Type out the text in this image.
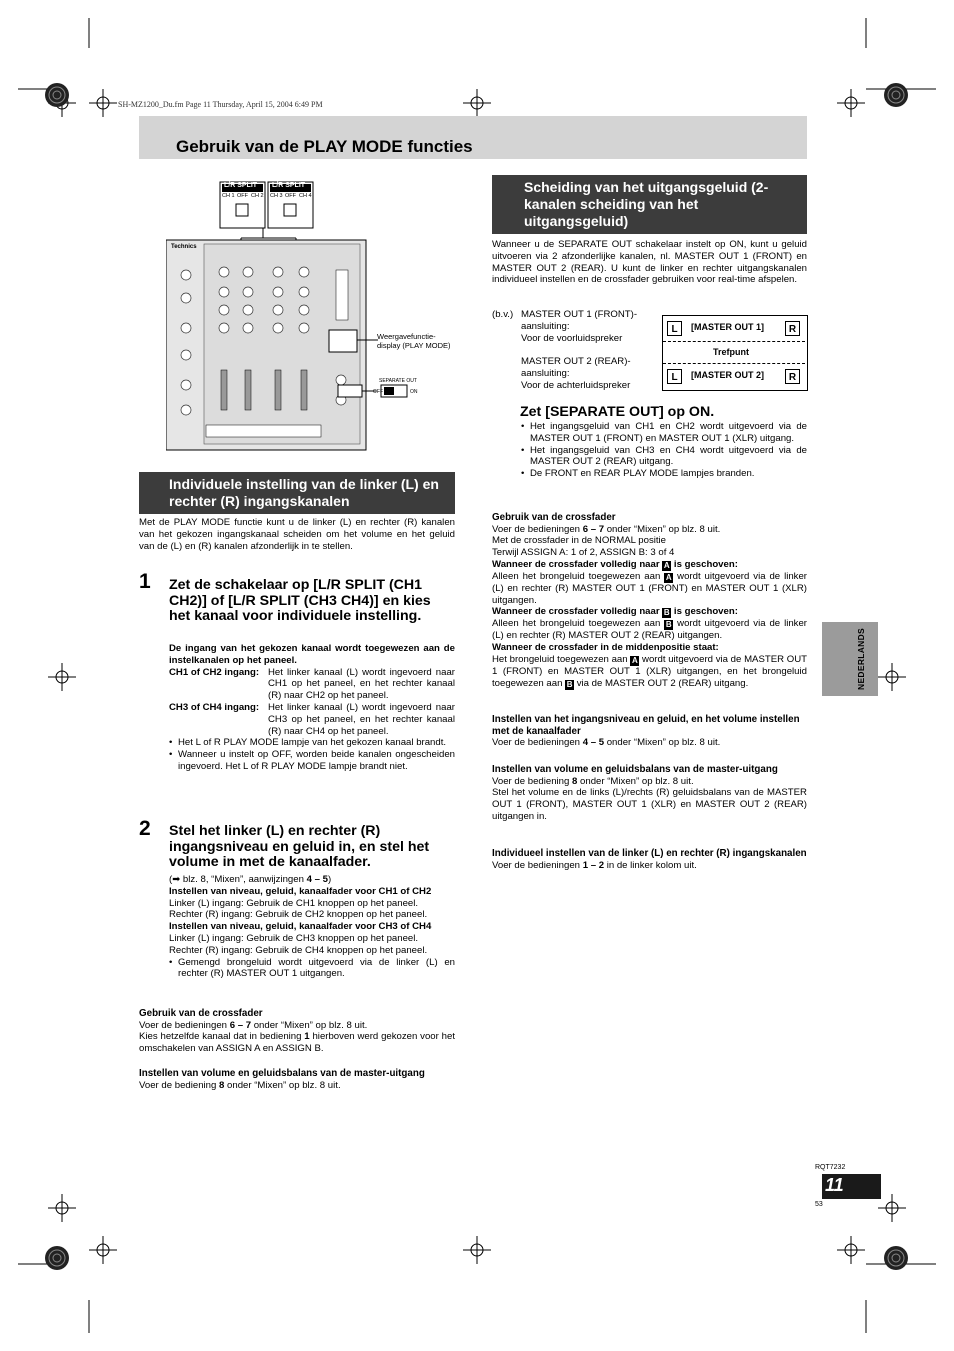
SH-MZ1200_Du.fm Page 11 Thursday, April 15, 2004 6:49 PM
Gebruik van de PLAY MODE functies
L/R SPLIT L/R SPLIT
CH 1 OFF CH 2 CH 3 OFF CH 4
Technics
Weergavefunctie-display (PLAY MODE)
SEPARATE OUT
OFF	ON
Individuele instelling van de linker (L) en rechter (R) ingangskanalen
Met de PLAY MODE functie kunt u de linker (L) en rechter (R) kanalen van het gekozen ingangskanaal scheiden om het volume en het geluid van de (L) en (R) kanalen afzonderlijk in te stellen.
1 Zet de schakelaar op [L/R SPLIT (CH1 CH2)] of [L/R SPLIT (CH3 CH4)] en kies het kanaal voor individuele instelling.
De ingang van het gekozen kanaal wordt toegewezen aan de instelkanalen op het paneel.
CH1 of CH2 ingang: Het linker kanaal (L) wordt ingevoerd naar CH1 op het paneel, en het rechter kanaal (R) naar CH2 op het paneel.
CH3 of CH4 ingang: Het linker kanaal (L) wordt ingevoerd naar CH3 op het paneel, en het rechter kanaal (R) naar CH4 op het paneel.
• Het L of R PLAY MODE lampje van het gekozen kanaal brandt.
• Wanneer u instelt op OFF, worden beide kanalen ongescheiden ingevoerd. Het L of R PLAY MODE lampje brandt niet.
2 Stel het linker (L) en rechter (R) ingangsniveau en geluid in, en stel het volume in met de kanaalfader.
(➡ blz. 8, “Mixen”, aanwijzingen 4 – 5)
Instellen van niveau, geluid, kanaalfader voor CH1 of CH2
Linker (L) ingang: Gebruik de CH1 knoppen op het paneel.
Rechter (R) ingang: Gebruik de CH2 knoppen op het paneel.
Instellen van niveau, geluid, kanaalfader voor CH3 of CH4
Linker (L) ingang: Gebruik de CH3 knoppen op het paneel.
Rechter (R) ingang: Gebruik de CH4 knoppen op het paneel.
• Gemengd brongeluid wordt uitgevoerd via de linker (L) en rechter (R) MASTER OUT 1 uitgangen.
Gebruik van de crossfader
Voer de bedieningen 6 – 7 onder “Mixen” op blz. 8 uit.
Kies hetzelfde kanaal dat in bediening 1 hierboven werd gekozen voor het omschakelen van ASSIGN A en ASSIGN B.
Instellen van volume en geluidsbalans van de master-uitgang
Voer de bediening 8 onder “Mixen” op blz. 8 uit.
Scheiding van het uitgangsgeluid (2-kanalen scheiding van het uitgangsgeluid)
Wanneer u de SEPARATE OUT schakelaar instelt op ON, kunt u geluid uitvoeren via 2 afzonderlijke kanalen, nl. MASTER OUT 1 (FRONT) en MASTER OUT 2 (REAR). U kunt de linker en rechter uitgangskanalen individueel instellen en de crossfader gebruiken voor real-time afspelen.
(b.v.) MASTER OUT 1 (FRONT)-aansluiting:
Voor de voorluidspreker
MASTER OUT 2 (REAR)-aansluiting:
Voor de achterluidspreker
L	[MASTER OUT 1]	R
Trefpunt
L	[MASTER OUT 2]	R
Zet [SEPARATE OUT] op ON.
• Het ingangsgeluid van CH1 en CH2 wordt uitgevoerd via de MASTER OUT 1 (FRONT) en MASTER OUT 1 (XLR) uitgang.
• Het ingangsgeluid van CH3 en CH4 wordt uitgevoerd via de MASTER OUT 2 (REAR) uitgang.
• De FRONT en REAR PLAY MODE lampjes branden.
Gebruik van de crossfader
Voer de bedieningen 6 – 7 onder “Mixen” op blz. 8 uit.
Met de crossfader in de NORMAL positie
Terwijl ASSIGN A: 1 of 2, ASSIGN B: 3 of 4
Wanneer de crossfader volledig naar A is geschoven:
Alleen het brongeluid toegewezen aan A wordt uitgevoerd via de linker (L) en rechter (R) MASTER OUT 1 (FRONT) en MASTER OUT 1 (XLR) uitgangen.
Wanneer de crossfader volledig naar B is geschoven:
Alleen het brongeluid toegewezen aan B wordt uitgevoerd via de linker (L) en rechter (R) MASTER OUT 2 (REAR) uitgangen.
Wanneer de crossfader in de middenpositie staat:
Het brongeluid toegewezen aan A wordt uitgevoerd via de MASTER OUT 1 (FRONT) en MASTER OUT 1 (XLR) uitgangen, en het brongeluid toegewezen aan B via de MASTER OUT 2 (REAR) uitgang.
Instellen van het ingangsniveau en geluid, en het volume instellen met de kanaalfader
Voer de bedieningen 4 – 5 onder “Mixen” op blz. 8 uit.
Instellen van volume en geluidsbalans van de master-uitgang
Voer de bediening 8 onder “Mixen” op blz. 8 uit.
Stel het volume en de links (L)/rechts (R) geluidsbalans van de MASTER OUT 1 (FRONT), MASTER OUT 1 (XLR) en MASTER OUT 2 (REAR) uitgangen in.
Individueel instellen van de linker (L) en rechter (R) ingangskanalen
Voer de bedieningen 1 – 2 in de linker kolom uit.
NEDERLANDS
RQT7232
11
53
